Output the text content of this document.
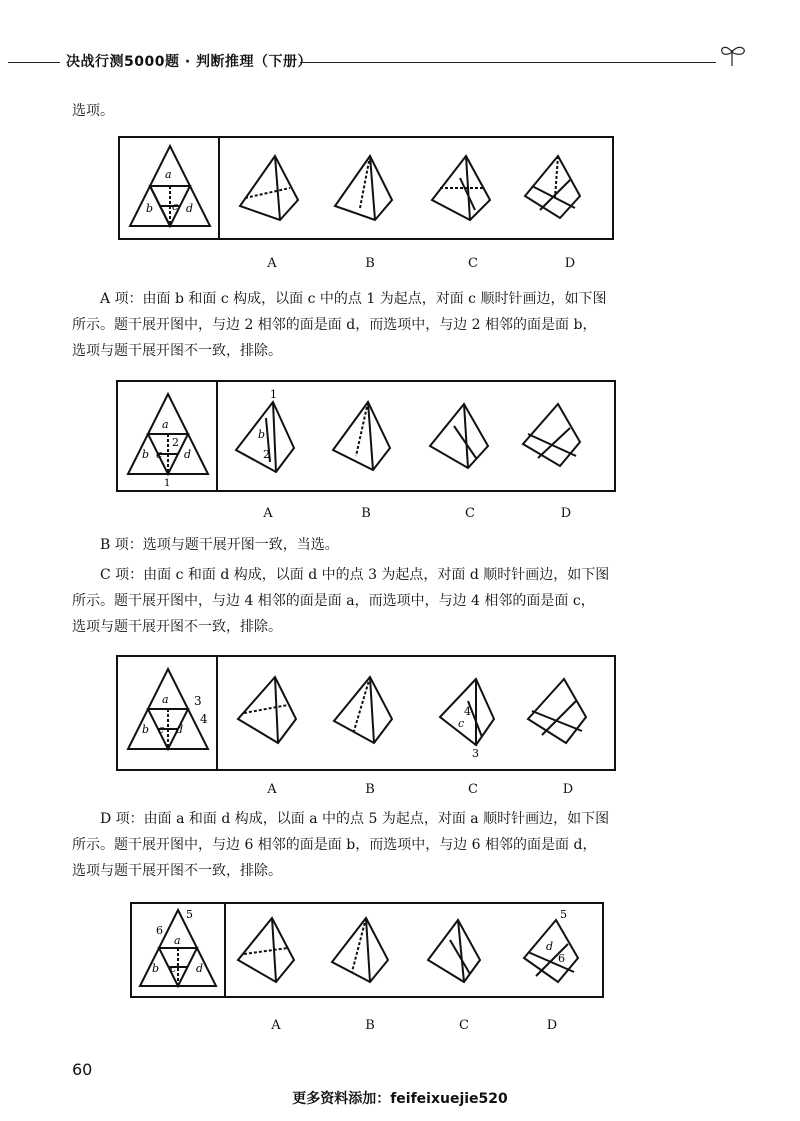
决战行测5000题 · 判断推理（下册）
选项。
a
b c d
A	B	C	D
A 项：由面 b 和面 c 构成，以面 c 中的点 1 为起点，对面 c 顺时针画边，如下图
所示。题干展开图中，与边 2 相邻的面是面 d，而选项中，与边 2 相邻的面是面 b，
选项与题干展开图不一致，排除。
a
b c
2
d
1
1
b
2
A	B	C	D
B 项：选项与题干展开图一致，当选。
C 项：由面 c 和面 d 构成，以面 d 中的点 3 为起点，对面 d 顺时针画边，如下图
所示。题干展开图中，与边 4 相邻的面是面 a，而选项中，与边 4 相邻的面是面 c，
选项与题干展开图不一致，排除。
a
b c d
3
4	c
4
3
A	B	C	D
D 项：由面 a 和面 d 构成，以面 a 中的点 5 为起点，对面 a 顺时针画边，如下图
所示。题干展开图中，与边 6 相邻的面是面 b，而选项中，与边 6 相邻的面是面 d，
选项与题干展开图不一致，排除。
5
6
a
b c d
5
d
6
A	B	C	D
60
更多资料添加：feifeixuejie520
